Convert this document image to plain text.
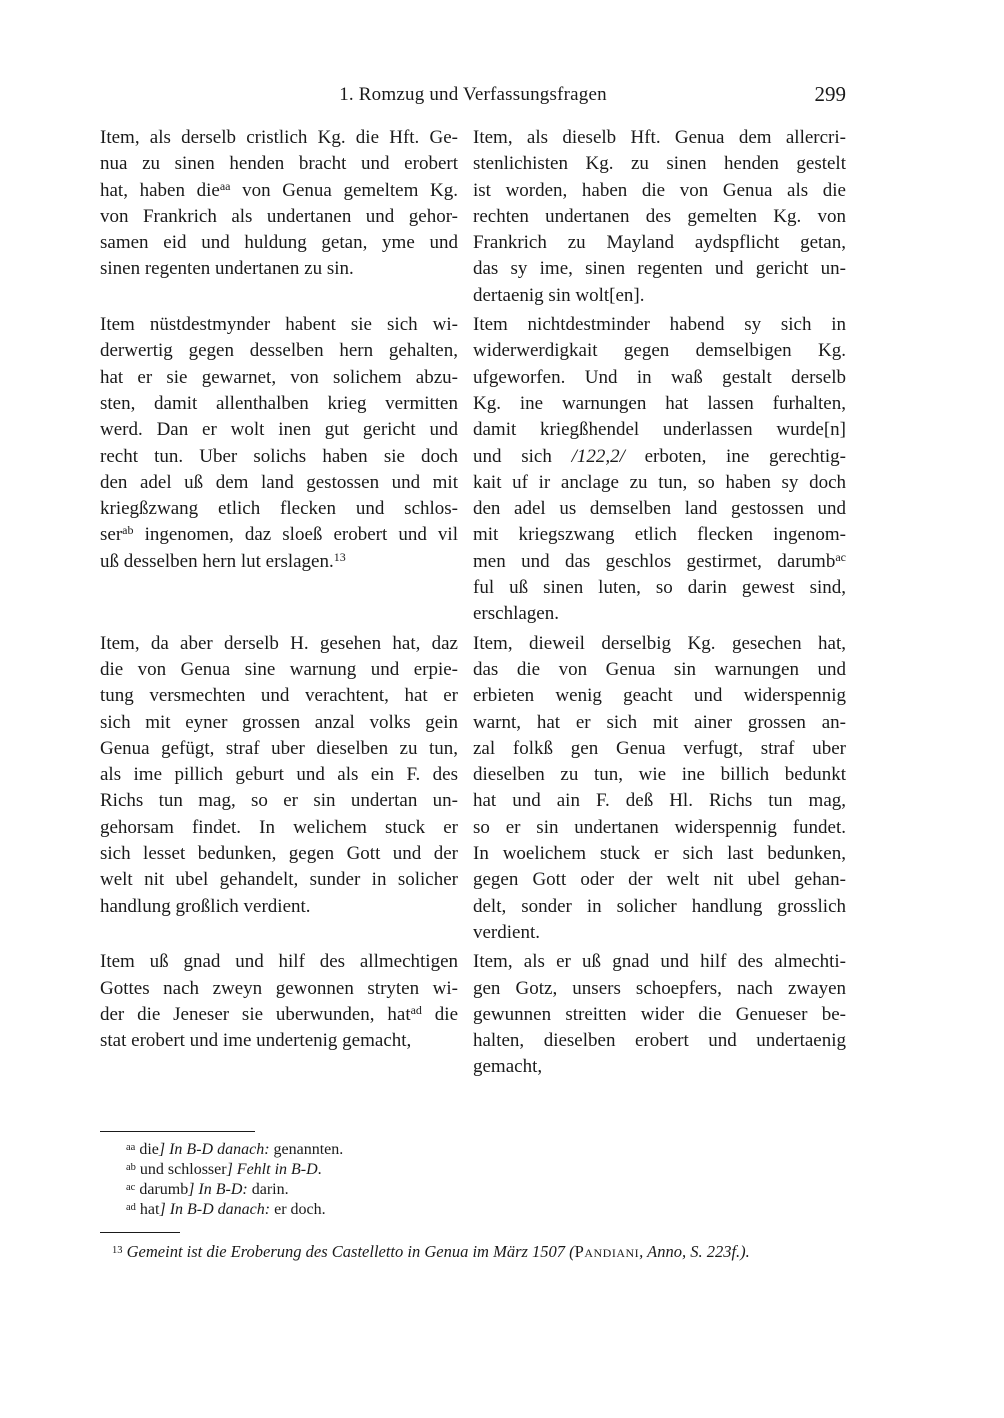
1. Romzug und Verfassungsfragen	299
Item, als derselb cristlich Kg. die Hft. Ge-
nua zu sinen henden bracht und erobert
hat, haben die$^{aa}$ von Genua gemeltem Kg.
von Frankrich als undertanen und gehor-
samen eid und huldung getan, yme und
sinen regenten undertanen zu sin.
Item, als dieselb Hft. Genua dem allercri-
stenlichisten Kg. zu sinen henden gestelt
ist worden, haben die von Genua als die
rechten undertanen des gemelten Kg. von
Frankrich zu Mayland aydspflicht getan,
das sy ime, sinen regenten und gericht un-
dertaenig sin wolt[en].
Item nüstdestmynder habent sie sich wi-
derwertig gegen desselben hern gehalten,
hat er sie gewarnet, von solichem abzu-
sten, damit allenthalben krieg vermitten
werd. Dan er wolt inen gut gericht und
recht tun. Uber solichs haben sie doch
den adel uß dem land gestossen und mit
kriegßzwang etlich flecken und schlos-
ser$^{ab}$ ingenomen, daz sloeß erobert und vil
uß desselben hern lut erslagen.$^{13}$
Item nichtdestminder habend sy sich in
widerwerdigkait gegen demselbigen Kg.
ufgeworfen. Und in waß gestalt derselb
Kg. ine warnungen hat lassen furhalten,
damit kriegßhendel underlassen wurde[n]
und sich /122,2/ erboten, ine gerechtig-
kait uf ir anclage zu tun, so haben sy doch
den adel us demselben land gestossen und
mit kriegszwang etlich flecken ingenom-
men und das geschlos gestirmet, darumb$^{ac}$
ful uß sinen luten, so darin gewest sind,
erschlagen.
Item, da aber derselb H. gesehen hat, daz
die von Genua sine warnung und erpie-
tung versmechten und verachtent, hat er
sich mit eyner grossen anzal volks gein
Genua gefügt, straf uber dieselben zu tun,
als ime pillich geburt und als ein F. des
Richs tun mag, so er sin undertan un-
gehorsam findet. In welichem stuck er
sich lesset bedunken, gegen Gott und der
welt nit ubel gehandelt, sunder in solicher
handlung großlich verdient.
Item, dieweil derselbig Kg. gesechen hat,
das die von Genua sin warnungen und
erbieten wenig geacht und widerspennig
warnt, hat er sich mit ainer grossen an-
zal folkß gen Genua verfugt, straf uber
dieselben zu tun, wie ine billich bedunkt
hat und ain F. deß Hl. Richs tun mag,
so er sin undertanen widerspennig fundet.
In woelichem stuck er sich last bedunken,
gegen Gott oder der welt nit ubel gehan-
delt, sonder in solicher handlung grosslich
verdient.
Item uß gnad und hilf des allmechtigen
Gottes nach zweyn gewonnen stryten wi-
der die Jeneser sie uberwunden, hat$^{ad}$ die
stat erobert und ime undertenig gemacht,
Item, als er uß gnad und hilf des almechti-
gen Gotz, unsers schoepfers, nach zwayen
gewunnen streitten wider die Genueser be-
halten, dieselben erobert und undertaenig
gemacht,
$^{aa}$ die] In B-D danach: genannten.
$^{ab}$ und schlosser] Fehlt in B-D.
$^{ac}$ darumb] In B-D: darin.
$^{ad}$ hat] In B-D danach: er doch.
$^{13}$ Gemeint ist die Eroberung des Castelletto in Genua im März 1507 (Pandiani, Anno, S. 223f.).
